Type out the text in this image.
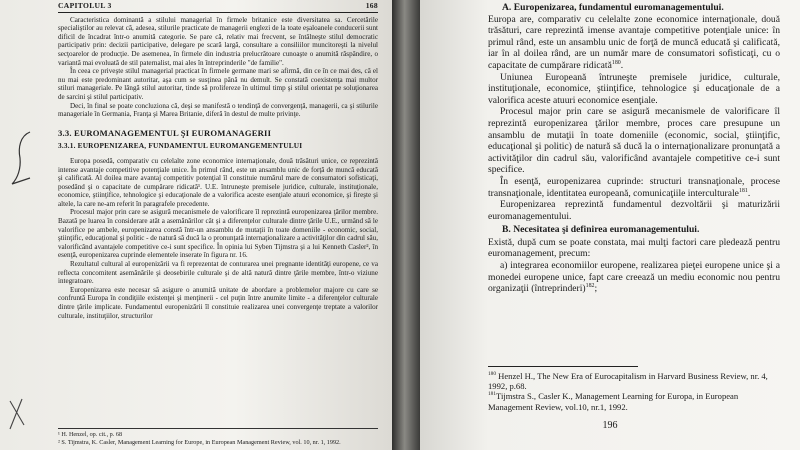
CAPITOLUL 3	168

Caracteristica dominantă a stilului managerial în firmele britanice este diversitatea sa. Cercetările specialiştilor au relevat că, adesea, stilurile practicate de managerii englezi de la toate eşaloanele conducerii sunt dificil de încadrat într-o anumită categorie. Se pare că, relativ mai frecvent, se întâlneşte stilul democratic participativ prin: decizii participative, delegare pe scară largă, consultare a consiliilor muncitoreşti la nivelul secţoarelor de producţie. De asemenea, în firmele din industria prelucrătoare cunoaşte o anumită răspândire, o variantă mai evoluată de stil paternalist, mai ales în întreprinderile "de familie".

În ceea ce priveşte stilul managerial practicat în firmele germane mari se afirmă, din ce în ce mai des, că el nu mai este predominant autoritar, aşa cum se susţinea până nu demult. Se constată coexistenţa mai multor stiluri manageriale. Pe lângă stilul autoritar, tinde să prolifereze în ultimul timp şi stilul orientat pe soluţionarea de sarcini şi stilul participativ.

Deci, în final se poate concluziona că, deşi se manifestă o tendinţă de convergenţă, managerii, ca şi stilurile manageriale în Germania, Franţa şi Marea Britanie, diferă în destul de multe privinţe.

3.3. EUROMANAGEMENTUL ŞI EUROMANAGERII
3.3.1. EUROPENIZAREA, FUNDAMENTUL EUROMANGEMENTULUI

Europa posedă, comparativ cu celelalte zone economice internaţionale, două trăsături unice, ce reprezintă intense avantaje competitive potenţiale unice. În primul rând, este un ansamblu unic de forţă de muncă educată şi calificată. Al doilea mare avantaj competitiv potenţial îl constituie numărul mare de consumatori sofisticaţi, posedând şi o capacitate de cumpărare ridicată¹. U.E. întruneşte premisele juridice, culturale, instituţionale, economice, ştiinţifice, tehnologice şi educaţionale de a valorifica aceste esenţiale atuuri economice, şi fireşte şi altele, la care ne-am referit în paragrafele precedente.

Procesul major prin care se asigură mecanismele de valorificare îl reprezintă europenizarea ţărilor membre. Bazată pe luarea în considerare atât a asemănărilor cât şi a diferenţelor culturale dintre ţările U.E., urmând să le valorifice pe ambele, europenizarea constă într-un ansamblu de mutaţii în toate domeniile - economic, social, ştiinţific, educaţional şi politic - de natură să ducă la o pronunţată internaţionalizare a activităţilor din cadrul său, valorificând avantajele competitive ce-i sunt specifice. În opinia lui Syben Tijmstra şi a lui Kenneth Casler², în esenţă, europenizarea cuprinde elementele inserate în figura nr. 16.

Rezultatul cultural al europenizării va fi reprezentat de conturarea unei pregnante identităţi europene, ce va reflecta concomitent asemănările şi deosebirile culturale şi de altă natură dintre ţările membre, într-o viziune integratoare.

Europenizarea este necesar să asigure o anumită unitate de abordare a problemelor majore cu care se confruntă Europa în condiţiile existenţei şi menţinerii - cel puţin între anumite limite - a diferenţelor culturale dintre ţările implicate. Fundamentul europenizării îl constituie realizarea unei convergenţe treptate a valorilor culturale, instituţiilor, structurilor

¹ H. Henzel, op. cit., p. 68
² S. Tijmstra, K. Casler, Management Learning for Europe, in European Management Review, vol. 10, nr. 1, 1992.

A. Europenizarea, fundamentul euromanagementului.

Europa are, comparativ cu celelalte zone economice internaţionale, două trăsături, care reprezintă imense avantaje competitive potenţiale unice: în primul rând, este un ansamblu unic de forţă de muncă educată şi calificată, iar în al doilea rând, are un număr mare de consumatori sofisticaţi, cu o capacitate de cumpărare ridicată$^{180}$.

Uniunea Europeană întruneşte premisele juridice, culturale, instituţionale, economice, ştiinţifice, tehnologice şi educaţionale de a valorifica aceste atuuri economice esenţiale.

Procesul major prin care se asigură mecanismele de valorificare îl reprezintă europenizarea ţărilor membre, proces care presupune un ansamblu de mutaţii în toate domeniile (economic, social, ştiinţific, educaţional şi politic) de natură să ducă la o internaţionalizare pronunţată a activităţilor din cadrul său, valorificând avantajele competitive ce-i sunt specifice.

În esenţă, europenizarea cuprinde: structuri transnaţionale, procese transnaţionale, identitatea europeană, comunicaţiile interculturale$^{181}$.

Europenizarea reprezintă fundamentul dezvoltării şi maturizării euromanagementului.

B. Necesitatea şi definirea euromanagementului.

Există, după cum se poate constata, mai mulţi factori care pledează pentru euromanagement, precum:

a) integrarea economiilor europene, realizarea pieţei europene unice şi a monedei europene unice, fapt care creează un mediu economic nou pentru organizaţii (întreprinderi)$^{182}$;

$^{180}$ Henzel H., The New Era of Eurocapitalism in Harvard Business Review, nr. 4, 1992, p.68.
$^{181}$Tijmstra S., Casler K., Management Learning for Europa, in European Management Review, vol.10, nr.1, 1992.
196
